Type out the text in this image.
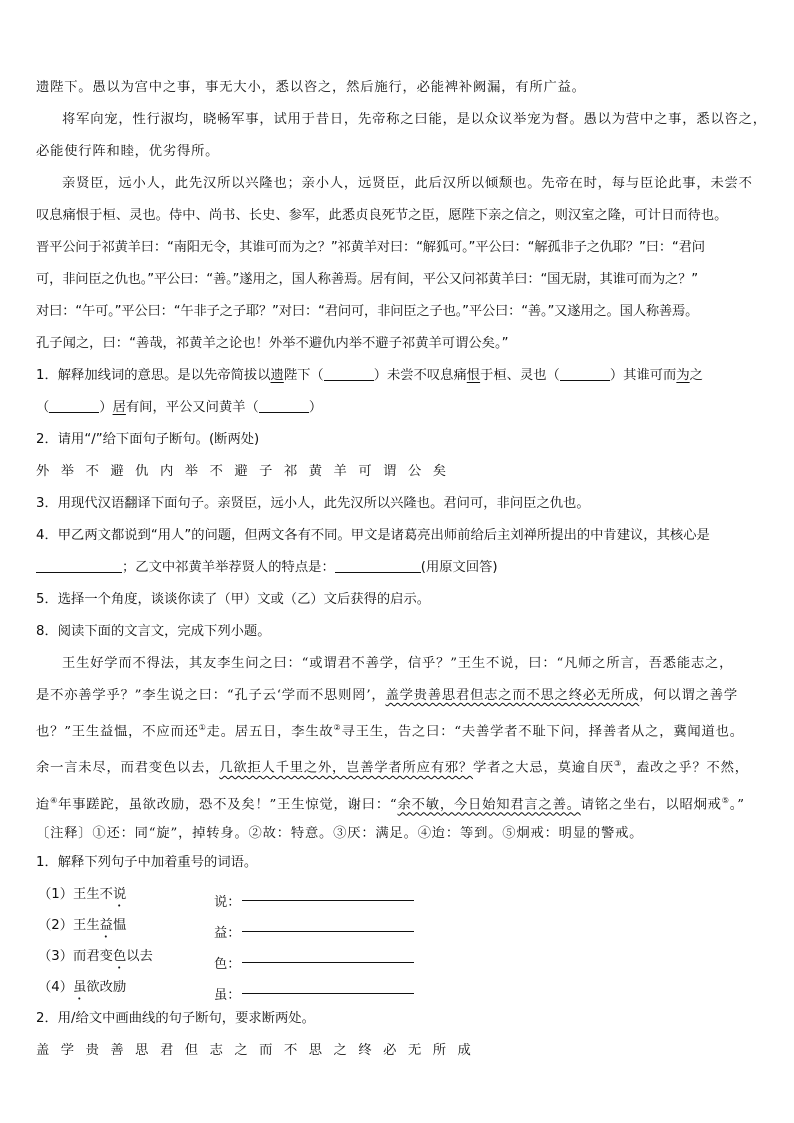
遗陛下。愚以为宫中之事，事无大小，悉以咨之，然后施行，必能裨补阙漏，有所广益。

将军向宠，性行淑均，晓畅军事，试用于昔日，先帝称之曰能，是以众议举宠为督。愚以为营中之事，悉以咨之，

必能使行阵和睦，优劣得所。

亲贤臣，远小人，此先汉所以兴隆也；亲小人，远贤臣，此后汉所以倾颓也。先帝在时，每与臣论此事，未尝不

叹息痛恨于桓、灵也。侍中、尚书、长史、参军，此悉贞良死节之臣，愿陛下亲之信之，则汉室之隆，可计日而待也。

晋平公问于祁黄羊曰：“南阳无令，其谁可而为之？”祁黄羊对曰：“解狐可。”平公曰：“解孤非子之仇耶？”曰：“君问

可，非问臣之仇也。”平公曰：“善。”遂用之，国人称善焉。居有间，平公又问祁黄羊曰：“国无尉，其谁可而为之？”

对曰：“午可。”平公曰：“午非子之子耶？”对曰：“君问可，非问臣之子也。”平公曰：“善。”又遂用之。国人称善焉。

孔子闻之，曰：“善哉，祁黄羊之论也！外举不避仇内举不避子祁黄羊可谓公矣。”

1．解释加线词的意思。是以先帝简拔以遗陛下（	）未尝不叹息痛恨于桓、灵也（	）其谁可而为之

（	）居有间，平公又问黄羊（	）

2．请用“/”给下面句子断句。(断两处)

外举不避仇内举不避子祁黄羊可谓公矣

3．用现代汉语翻译下面句子。亲贤臣，远小人，此先汉所以兴隆也。君问可，非问臣之仇也。

4．甲乙两文都说到“用人”的问题，但两文各有不同。甲文是诸葛亮出师前给后主刘禅所提出的中肯建议，其核心是

；乙文中祁黄羊举荐贤人的特点是：	(用原文回答)

5．选择一个角度，谈谈你读了（甲）文或（乙）文后获得的启示。

8．阅读下面的文言文，完成下列小题。

王生好学而不得法，其友李生问之曰：“或谓君不善学，信乎？”王生不说，曰：“凡师之所言，吾悉能志之，

是不亦善学乎？”李生说之曰：“孔子云‘学而不思则罔’，盖学贵善思君但志之而不思之终必无所成，何以谓之善学

也？”王生益愠，不应而还①走。居五日，李生故②寻王生，告之曰：“夫善学者不耻下问，择善者从之，冀闻道也。

余一言未尽，而君变色以去，几欲拒人千里之外，岂善学者所应有邪？学者之大忌，莫逾自厌③，盍改之乎？不然，

迨④年事蹉跎，虽欲改励，恐不及矣！”王生惊觉，谢曰：“余不敏，今日始知君言之善。请铭之坐右，以昭炯戒⑤。”

〔注释〕①还：同“旋”，掉转身。②故：特意。③厌：满足。④迨：等到。⑤炯戒：明显的警戒。

1．解释下列句子中加着重号的词语。

（1）王生不说
说：
（2）王生益愠
益：
（3）而君变色以去
色：
（4）虽欲改励
虽：

2．用/给文中画曲线的句子断句，要求断两处。

盖学贵善思君但志之而不思之终必无所成
